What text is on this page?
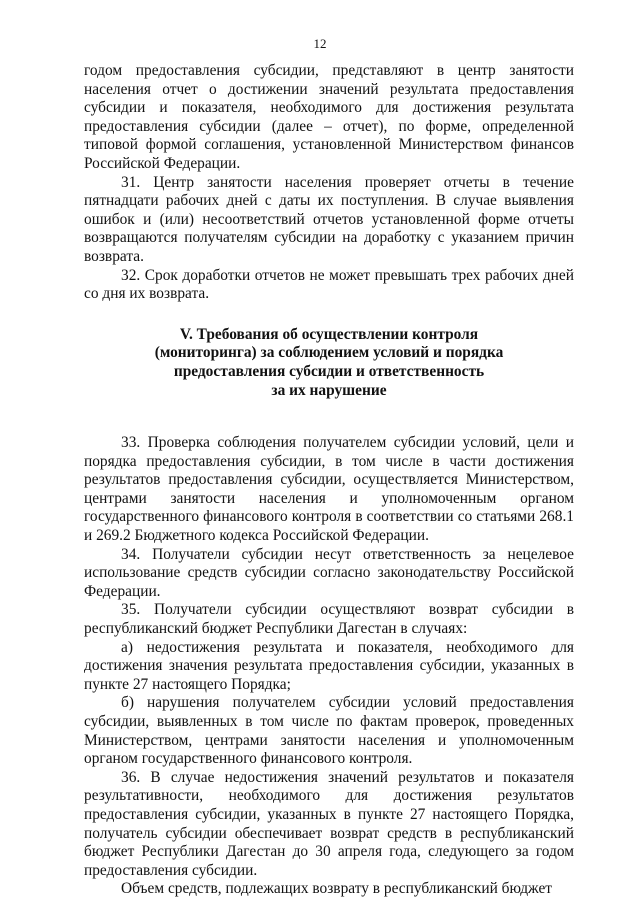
12

годом предоставления субсидии, представляют в центр занятости населения отчет о достижении значений результата предоставления субсидии и показателя, необходимого для достижения результата предоставления субсидии (далее – отчет), по форме, определенной типовой формой соглашения, установленной Министерством финансов Российской Федерации.

31. Центр занятости населения проверяет отчеты в течение пятнадцати рабочих дней с даты их поступления. В случае выявления ошибок и (или) несоответствий отчетов установленной форме отчеты возвращаются получателям субсидии на доработку с указанием причин возврата.

32. Срок доработки отчетов не может превышать трех рабочих дней со дня их возврата.

V. Требования об осуществлении контроля
(мониторинга) за соблюдением условий и порядка
предоставления субсидии и ответственность
за их нарушение

33. Проверка соблюдения получателем субсидии условий, цели и порядка предоставления субсидии, в том числе в части достижения результатов предоставления субсидии, осуществляется Министерством, центрами занятости населения и уполномоченным органом государственного финансового контроля в соответствии со статьями 268.1 и 269.2 Бюджетного кодекса Российской Федерации.

34. Получатели субсидии несут ответственность за нецелевое использование средств субсидии согласно законодательству Российской Федерации.

35. Получатели субсидии осуществляют возврат субсидии в республиканский бюджет Республики Дагестан в случаях:

а) недостижения результата и показателя, необходимого для достижения значения результата предоставления субсидии, указанных в пункте 27 настоящего Порядка;

б) нарушения получателем субсидии условий предоставления субсидии, выявленных в том числе по фактам проверок, проведенных Министерством, центрами занятости населения и уполномоченным органом государственного финансового контроля.

36. В случае недостижения значений результатов и показателя результативности, необходимого для достижения результатов предоставления субсидии, указанных в пункте 27 настоящего Порядка, получатель субсидии обеспечивает возврат средств в республиканский бюджет Республики Дагестан до 30 апреля года, следующего за годом предоставления субсидии.

Объем средств, подлежащих возврату в республиканский бюджет
